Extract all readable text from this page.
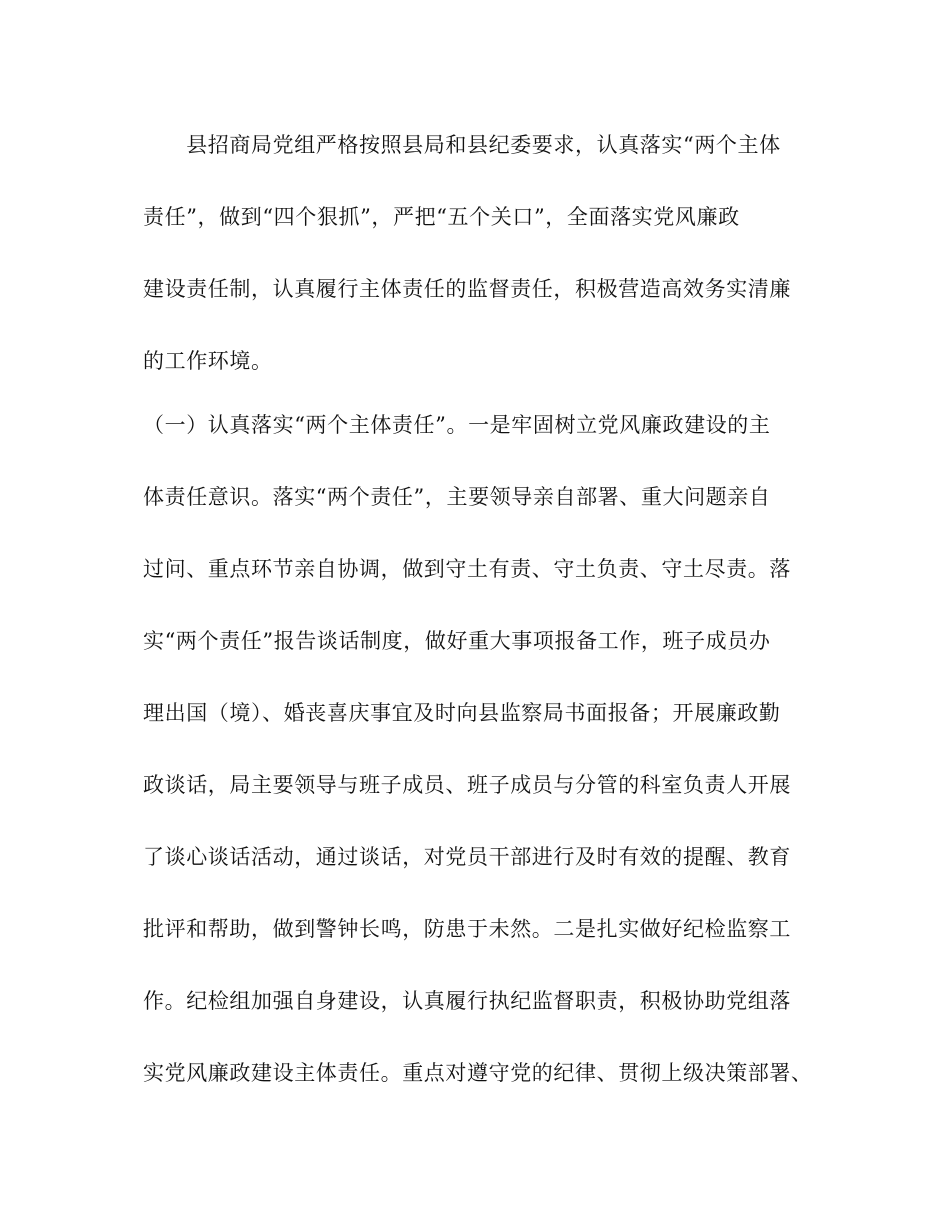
　　县招商局党组严格按照县局和县纪委要求，认真落实“两个主体
责任”，做到“四个狠抓”，严把“五个关口”，全面落实党风廉政
建设责任制，认真履行主体责任的监督责任，积极营造高效务实清廉
的工作环境。
（一）认真落实“两个主体责任”。一是牢固树立党风廉政建设的主
体责任意识。落实“两个责任”，主要领导亲自部署、重大问题亲自
过问、重点环节亲自协调，做到守土有责、守土负责、守土尽责。落
实“两个责任”报告谈话制度，做好重大事项报备工作，班子成员办
理出国（境）、婚丧喜庆事宜及时向县监察局书面报备；开展廉政勤
政谈话，局主要领导与班子成员、班子成员与分管的科室负责人开展
了谈心谈话活动，通过谈话，对党员干部进行及时有效的提醒、教育
批评和帮助，做到警钟长鸣，防患于未然。二是扎实做好纪检监察工
作。纪检组加强自身建设，认真履行执纪监督职责，积极协助党组落
实党风廉政建设主体责任。重点对遵守党的纪律、贯彻上级决策部署、
